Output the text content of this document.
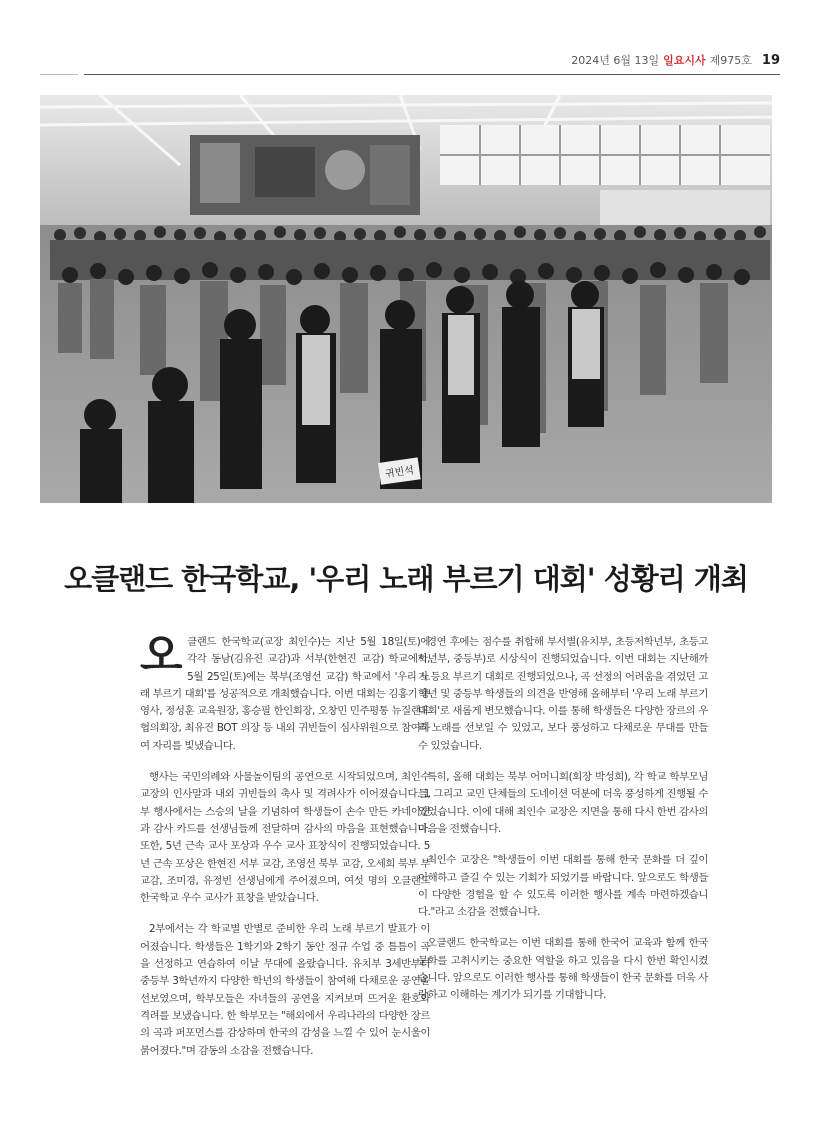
2024년 6월 13일 일요시사 제975호 19
귀빈석
오클랜드 한국학교, '우리 노래 부르기 대회' 성황리 개최

오클랜드 한국학교(교장 최인수)는 지난 5월 18일(토)에 각각 동남(김유진 교감)과 서부(한현진 교감) 학교에서, 5월 25일(토)에는 북부(조영선 교감) 학교에서 '우리 노래 부르기 대회'를 성공적으로 개최했습니다. 이번 대회는 김홍기 총영사, 정성훈 교육원장, 홍승필 한인회장, 오창민 민주평통 뉴질랜드 협의회장, 최유진 BOT 의장 등 내외 귀빈들이 심사위원으로 참여하여 자리를 빛냈습니다.

행사는 국민의례와 사물놀이팀의 공연으로 시작되었으며, 최인수 교장의 인사말과 내외 귀빈들의 축사 및 격려사가 이어졌습니다. 1부 행사에서는 스승의 날을 기념하여 학생들이 손수 만든 카네이션과 감사 카드를 선생님들께 전달하며 감사의 마음을 표현했습니다. 또한, 5년 근속 교사 포상과 우수 교사 표창식이 진행되었습니다. 5년 근속 포상은 한현진 서부 교감, 조영선 북부 교감, 오세희 북부 부교감, 조미경, 유정빈 선생님에게 주어졌으며, 여섯 명의 오클랜드 한국학교 우수 교사가 표창을 받았습니다.

2부에서는 각 학교별 반별로 준비한 우리 노래 부르기 발표가 이어졌습니다. 학생들은 1학기와 2학기 동안 정규 수업 중 틈틈이 곡을 선정하고 연습하여 이날 무대에 올랐습니다. 유치부 3세반부터 중등부 3학년까지 다양한 학년의 학생들이 참여해 다채로운 공연을 선보였으며, 학부모들은 자녀들의 공연을 지켜보며 뜨거운 환호와 격려를 보냈습니다. 한 학부모는 "해외에서 우리나라의 다양한 장르의 곡과 퍼포먼스를 감상하며 한국의 감성을 느낄 수 있어 눈시울이 붉어졌다."며 감동의 소감을 전했습니다.

경연 후에는 점수를 취합해 부서별(유치부, 초등저학년부, 초등고학년부, 중등부)로 시상식이 진행되었습니다. 이번 대회는 지난해까지 등요 부르기 대회로 진행되었으나, 곡 선정의 어려움을 겪었던 고학년 및 중등부 학생들의 의견을 반영해 올해부터 '우리 노래 부르기 대회'로 새롭게 변모했습니다. 이를 통해 학생들은 다양한 장르의 우리 노래를 선보일 수 있었고, 보다 풍성하고 다채로운 무대를 만들 수 있었습니다.

특히, 올해 대회는 북부 어머니회(회장 박성희), 각 학교 학부모님들, 그리고 교민 단체들의 도네이션 덕분에 더욱 풍성하게 진행될 수 있었습니다. 이에 대해 최인수 교장은 지면을 통해 다시 한번 감사의 마음을 전했습니다.

최인수 교장은 "학생들이 이번 대회를 통해 한국 문화를 더 깊이 이해하고 즐길 수 있는 기회가 되었기를 바랍니다. 앞으로도 학생들이 다양한 경험을 할 수 있도록 이러한 행사를 계속 마련하겠습니다."라고 소감을 전했습니다.

오클랜드 한국학교는 이번 대회를 통해 한국어 교육과 함께 한국 문화를 고취시키는 중요한 역할을 하고 있음을 다시 한번 확인시켰습니다. 앞으로도 이러한 행사를 통해 학생들이 한국 문화를 더욱 사랑하고 이해하는 계기가 되기를 기대합니다.
